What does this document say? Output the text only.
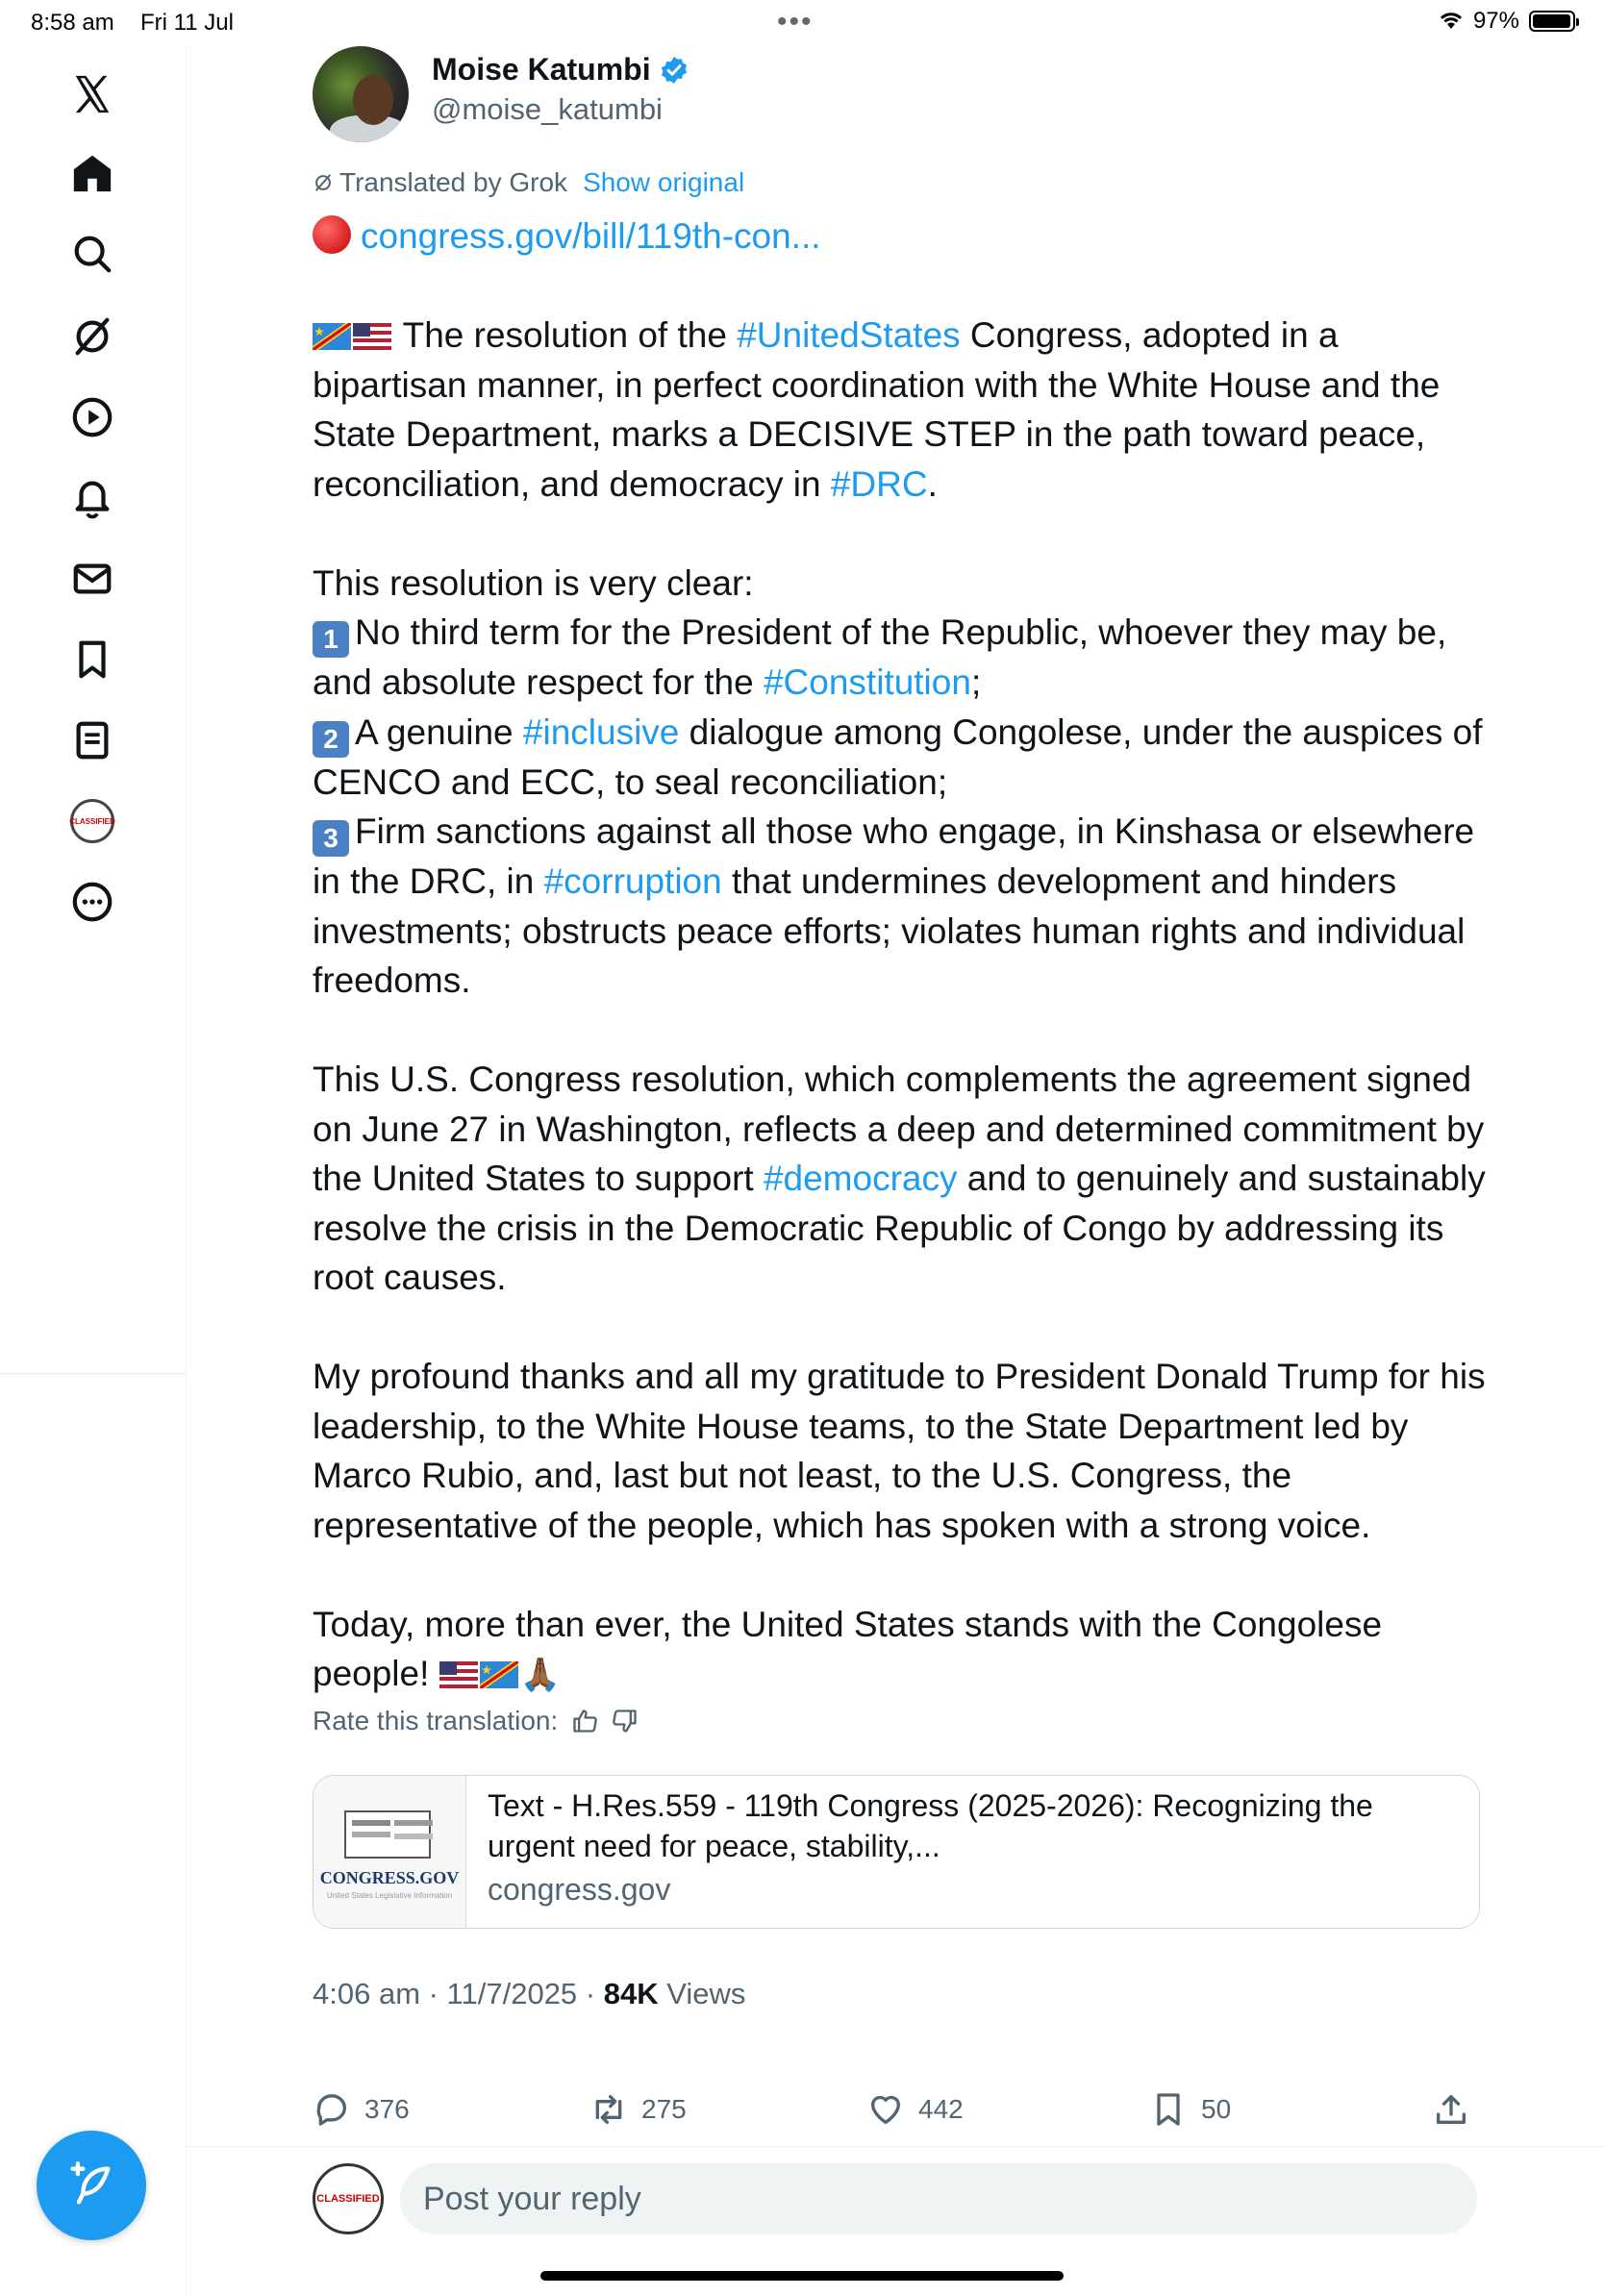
8:58 am Fri 11 Jul	•••	97%
CLASSIFIED
Moise Katumbi
@moise_katumbi
Translated by Grok Show original

congress.gov/bill/119th-con...

The resolution of the #UnitedStates Congress, adopted in a bipartisan manner, in perfect coordination with the White House and the State Department, marks a DECISIVE STEP in the path toward peace, reconciliation, and democracy in #DRC.

This resolution is very clear:

1 No third term for the President of the Republic, whoever they may be, and absolute respect for the #Constitution;

2 A genuine #inclusive dialogue among Congolese, under the auspices of CENCO and ECC, to seal reconciliation;

3 Firm sanctions against all those who engage, in Kinshasa or elsewhere in the DRC, in #corruption that undermines development and hinders investments; obstructs peace efforts; violates human rights and individual freedoms.

This U.S. Congress resolution, which complements the agreement signed on June 27 in Washington, reflects a deep and determined commitment by the United States to support #democracy and to genuinely and sustainably resolve the crisis in the Democratic Republic of Congo by addressing its root causes.

My profound thanks and all my gratitude to President Donald Trump for his leadership, to the White House teams, to the State Department led by Marco Rubio, and, last but not least, to the U.S. Congress, the representative of the people, which has spoken with a strong voice.

Today, more than ever, the United States stands with the Congolese people! 🙏🏾

Rate this translation:
CONGRESS.GOV
United States Legislative Information
Text - H.Res.559 - 119th Congress (2025-2026): Recognizing the urgent need for peace, stability,...
congress.gov
4:06 am · 11/7/2025 · 84K Views
376	275	442	50
CLASSIFIED	Post your reply
